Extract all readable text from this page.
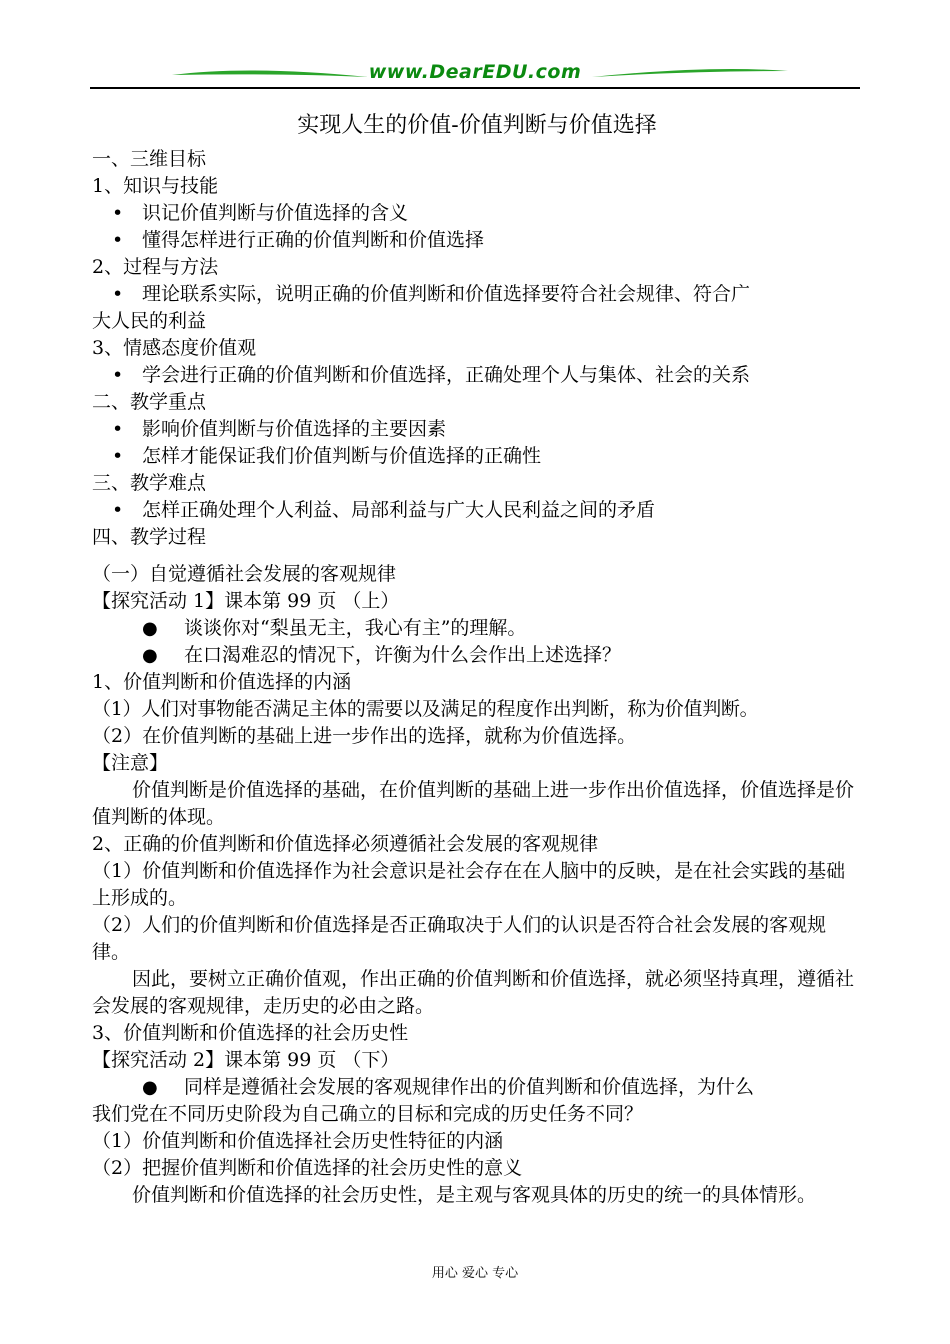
www.DearEDU.com
实现人生的价值-价值判断与价值选择
一、三维目标
1、知识与技能
• 识记价值判断与价值选择的含义
• 懂得怎样进行正确的价值判断和价值选择
2、过程与方法
• 理论联系实际，说明正确的价值判断和价值选择要符合社会规律、符合广
大人民的利益
3、情感态度价值观
• 学会进行正确的价值判断和价值选择，正确处理个人与集体、社会的关系
二、教学重点
• 影响价值判断与价值选择的主要因素
• 怎样才能保证我们价值判断与价值选择的正确性
三、教学难点
• 怎样正确处理个人利益、局部利益与广大人民利益之间的矛盾
四、教学过程
（一）自觉遵循社会发展的客观规律
【探究活动 1】课本第 99 页 （上）
● 谈谈你对“梨虽无主，我心有主”的理解。
● 在口渴难忍的情况下，许衡为什么会作出上述选择？
1、价值判断和价值选择的内涵
（1）人们对事物能否满足主体的需要以及满足的程度作出判断，称为价值判断。
（2）在价值判断的基础上进一步作出的选择，就称为价值选择。
【注意】
价值判断是价值选择的基础，在价值判断的基础上进一步作出价值选择，价值选择是价值判断的体现。
2、正确的价值判断和价值选择必须遵循社会发展的客观规律
（1）价值判断和价值选择作为社会意识是社会存在在人脑中的反映，是在社会实践的基础上形成的。
（2）人们的价值判断和价值选择是否正确取决于人们的认识是否符合社会发展的客观规律。
因此，要树立正确价值观，作出正确的价值判断和价值选择，就必须坚持真理，遵循社会发展的客观规律，走历史的必由之路。
3、价值判断和价值选择的社会历史性
【探究活动 2】课本第 99 页 （下）
● 同样是遵循社会发展的客观规律作出的价值判断和价值选择，为什么
我们党在不同历史阶段为自己确立的目标和完成的历史任务不同？
（1）价值判断和价值选择社会历史性特征的内涵
（2）把握价值判断和价值选择的社会历史性的意义
价值判断和价值选择的社会历史性，是主观与客观具体的历史的统一的具体情形。
用心 爱心 专心
